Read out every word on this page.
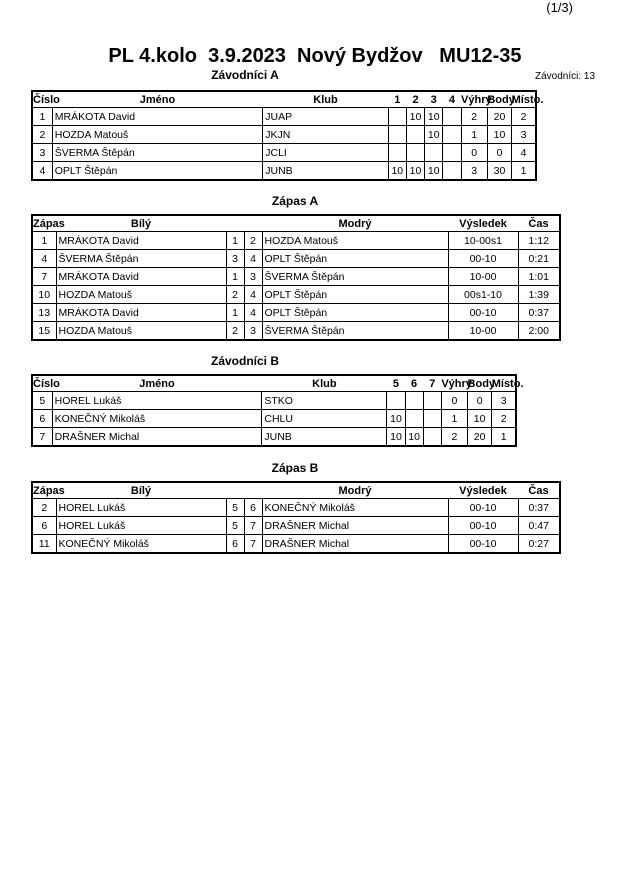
(1/3)
PL 4.kolo  3.9.2023  Nový Bydžov   MU12-35
Závodníci A	Závodníci: 13
Číslo	Jméno	Klub	1	2	3	4	Výhry	Body	Místo.
1	MRÁKOTA David	JUAP		10	10		2	20	2
2	HOZDA Matouš	JKJN			10		1	10	3
3	ŠVERMA Štěpán	JCLI					0	0	4
4	OPLT Štěpán	JUNB	10	10	10		3	30	1
Zápas A
Zápas	Bílý			Modrý	Výsledek	Čas
1	MRÁKOTA David	1	2	HOZDA Matouš	10-00s1	1:12
4	ŠVERMA Štěpán	3	4	OPLT Štěpán	00-10	0:21
7	MRÁKOTA David	1	3	ŠVERMA Štěpán	10-00	1:01
10	HOZDA Matouš	2	4	OPLT Štěpán	00s1-10	1:39
13	MRÁKOTA David	1	4	OPLT Štěpán	00-10	0:37
15	HOZDA Matouš	2	3	ŠVERMA Štěpán	10-00	2:00
Závodníci B
Číslo	Jméno	Klub	5	6	7	Výhry	Body	Místo.
5	HOREL Lukáš	STKO				0	0	3
6	KONEČNÝ Mikoláš	CHLU	10			1	10	2
7	DRAŠNER Michal	JUNB	10	10		2	20	1
Zápas B
Zápas	Bílý			Modrý	Výsledek	Čas
2	HOREL Lukáš	5	6	KONEČNÝ Mikoláš	00-10	0:37
6	HOREL Lukáš	5	7	DRAŠNER Michal	00-10	0:47
11	KONEČNÝ Mikoláš	6	7	DRAŠNER Michal	00-10	0:27
